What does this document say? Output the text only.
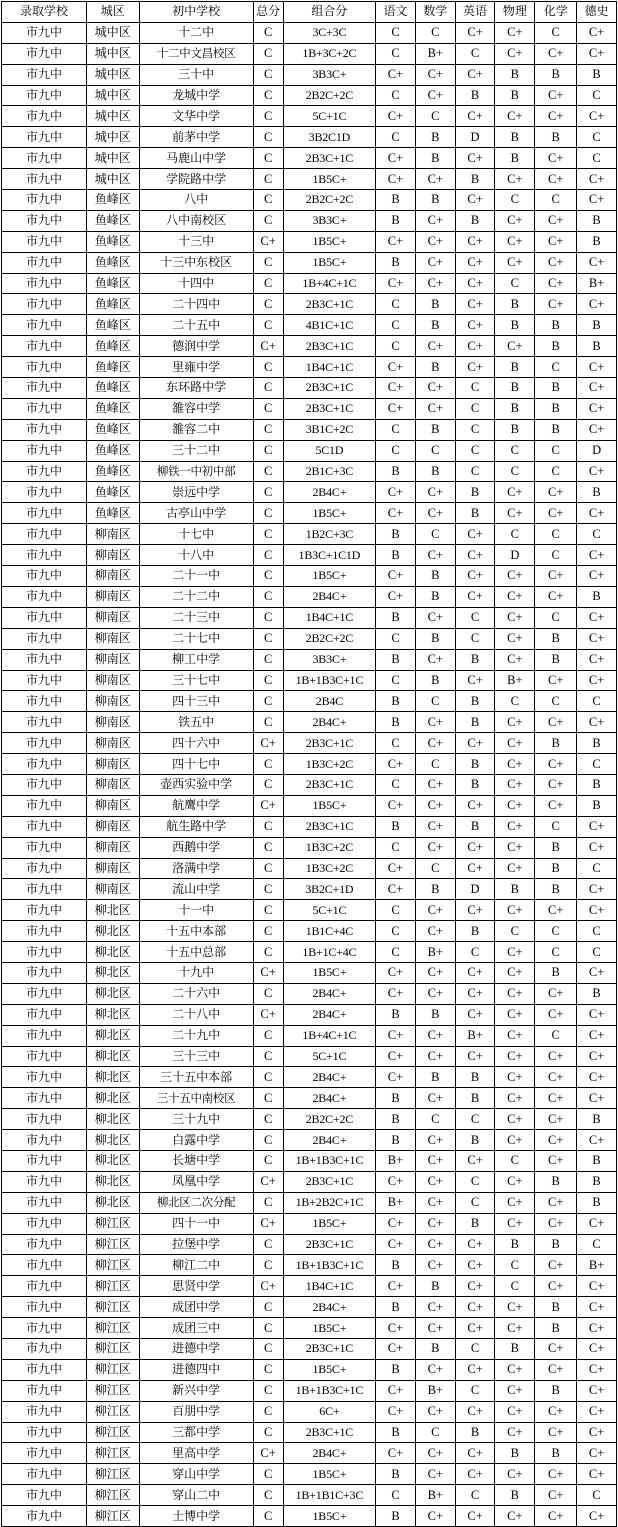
录取学校	城区	初中学校	总分	组合分	语文	数学	英语	物理	化学	德史
市九中	城中区	十二中	C	3C+3C	C	C	C+	C+	C	C+
市九中	城中区	十二中文昌校区	C	1B+3C+2C	C	B+	C	C+	C+	C+
市九中	城中区	三十中	C	3B3C+	C+	C+	C+	B	B	B
市九中	城中区	龙城中学	C	2B2C+2C	C	C+	B	B	C+	C
市九中	城中区	文华中学	C	5C+1C	C+	C	C+	C+	C+	C+
市九中	城中区	前茅中学	C	3B2C1D	C	B	D	B	B	C
市九中	城中区	马鹿山中学	C	2B3C+1C	C+	B	C+	B	C+	C
市九中	城中区	学院路中学	C	1B5C+	C+	C+	B	C+	C+	C+
市九中	鱼峰区	八中	C	2B2C+2C	B	B	C+	C	C	C+
市九中	鱼峰区	八中南校区	C	3B3C+	B	C+	B	C+	C+	B
市九中	鱼峰区	十三中	C+	1B5C+	C+	C+	C+	C+	C+	B
市九中	鱼峰区	十三中东校区	C	1B5C+	B	C+	C+	C+	C+	C+
市九中	鱼峰区	十四中	C	1B+4C+1C	C+	C+	C+	C	C+	B+
市九中	鱼峰区	二十四中	C	2B3C+1C	C	B	C+	B	C+	C+
市九中	鱼峰区	二十五中	C	4B1C+1C	C	B	C+	B	B	B
市九中	鱼峰区	德润中学	C+	2B3C+1C	C	C+	C+	C+	B	B
市九中	鱼峰区	里雍中学	C	1B4C+1C	C+	B	C+	B	C	C+
市九中	鱼峰区	东环路中学	C	2B3C+1C	C+	C+	C	B	B	C+
市九中	鱼峰区	雒容中学	C	2B3C+1C	C+	C+	C	B	B	C+
市九中	鱼峰区	雒容二中	C	3B1C+2C	C	B	C	B	B	C+
市九中	鱼峰区	三十二中	C	5C1D	C	C	C	C	C	D
市九中	鱼峰区	柳铁一中初中部	C	2B1C+3C	B	B	C	C	C	C+
市九中	鱼峰区	崇远中学	C	2B4C+	C+	C+	B	C+	C+	B
市九中	鱼峰区	古亭山中学	C	1B5C+	C+	C+	B	C+	C+	C+
市九中	柳南区	十七中	C	1B2C+3C	B	C	C+	C	C	C
市九中	柳南区	十八中	C	1B3C+1C1D	B	C+	C+	D	C	C+
市九中	柳南区	二十一中	C	1B5C+	C+	B	C+	C+	C+	C+
市九中	柳南区	二十二中	C	2B4C+	C+	B	C+	C+	C+	B
市九中	柳南区	二十三中	C	1B4C+1C	B	C+	C	C+	C	C+
市九中	柳南区	二十七中	C	2B2C+2C	C	B	C	C+	B	C+
市九中	柳南区	柳工中学	C	3B3C+	B	C+	B	C+	B	C+
市九中	柳南区	三十七中	C	1B+1B3C+1C	C	B	C+	B+	C+	C+
市九中	柳南区	四十三中	C	2B4C	B	C	B	C	C	C
市九中	柳南区	铁五中	C	2B4C+	B	C+	B	C+	C+	C+
市九中	柳南区	四十六中	C+	2B3C+1C	C	C+	C+	C+	B	B
市九中	柳南区	四十七中	C	1B3C+2C	C+	C	B	C+	C+	C
市九中	柳南区	壶西实验中学	C	2B3C+1C	C	C+	B	C+	C+	B
市九中	柳南区	航鹰中学	C+	1B5C+	C+	C+	C+	C+	C+	B
市九中	柳南区	航生路中学	C	2B3C+1C	B	C+	B	C+	C	C+
市九中	柳南区	西鹅中学	C	1B3C+2C	C	C+	C+	C+	B	C+
市九中	柳南区	洛满中学	C	1B3C+2C	C+	C	C+	C+	B	C
市九中	柳南区	流山中学	C	3B2C+1D	C+	B	D	B	B	C+
市九中	柳北区	十一中	C	5C+1C	C	C+	C+	C+	C+	C+
市九中	柳北区	十五中本部	C	1B1C+4C	C	C+	B	C	C	C
市九中	柳北区	十五中总部	C	1B+1C+4C	C	B+	C	C+	C	C
市九中	柳北区	十九中	C+	1B5C+	C+	C+	C+	C+	B	C+
市九中	柳北区	二十六中	C	2B4C+	C+	C+	C+	C+	C+	B
市九中	柳北区	二十八中	C+	2B4C+	B	B	C+	C+	C+	C+
市九中	柳北区	二十九中	C	1B+4C+1C	C+	C+	B+	C+	C	C+
市九中	柳北区	三十三中	C	5C+1C	C+	C+	C+	C+	C+	C+
市九中	柳北区	三十五中本部	C	2B4C+	C+	B	B	C+	C+	C+
市九中	柳北区	三十五中南校区	C	2B4C+	B	C+	B	C+	C+	C+
市九中	柳北区	三十九中	C	2B2C+2C	B	C	C	C+	C+	B
市九中	柳北区	白露中学	C	2B4C+	B	C+	B	C+	C+	C+
市九中	柳北区	长塘中学	C	1B+1B3C+1C	B+	C+	C+	C	C+	B
市九中	柳北区	凤凰中学	C+	2B3C+1C	C+	C+	C	C+	B	B
市九中	柳北区	柳北区二次分配	C	1B+2B2C+1C	B+	C+	C	C+	C+	B
市九中	柳江区	四十一中	C+	1B5C+	C+	C+	B	C+	C+	C+
市九中	柳江区	拉堡中学	C	2B3C+1C	C+	C+	C+	B	B	C
市九中	柳江区	柳江二中	C	1B+1B3C+1C	B	C+	C+	C	C+	B+
市九中	柳江区	思贤中学	C+	1B4C+1C	C+	B	C+	C	C+	C+
市九中	柳江区	成团中学	C	2B4C+	B	C+	C+	C+	B	C+
市九中	柳江区	成团三中	C	1B5C+	C+	C+	C+	C+	B	C+
市九中	柳江区	进德中学	C	2B3C+1C	C+	B	C	B	C+	C+
市九中	柳江区	进德四中	C	1B5C+	B	C+	C+	C+	C+	C+
市九中	柳江区	新兴中学	C	1B+1B3C+1C	C+	B+	C	C+	B	C+
市九中	柳江区	百朋中学	C	6C+	C+	C+	C+	C+	C+	C+
市九中	柳江区	三都中学	C	2B3C+1C	B	C	B	C+	C+	C+
市九中	柳江区	里高中学	C+	2B4C+	C+	C+	C+	B	B	C+
市九中	柳江区	穿山中学	C	1B5C+	B	C+	C+	C+	C+	C+
市九中	柳江区	穿山二中	C	1B+1B1C+3C	C	B+	C	B	C+	C
市九中	柳江区	土博中学	C	1B5C+	B	C+	C+	C+	C+	C+
